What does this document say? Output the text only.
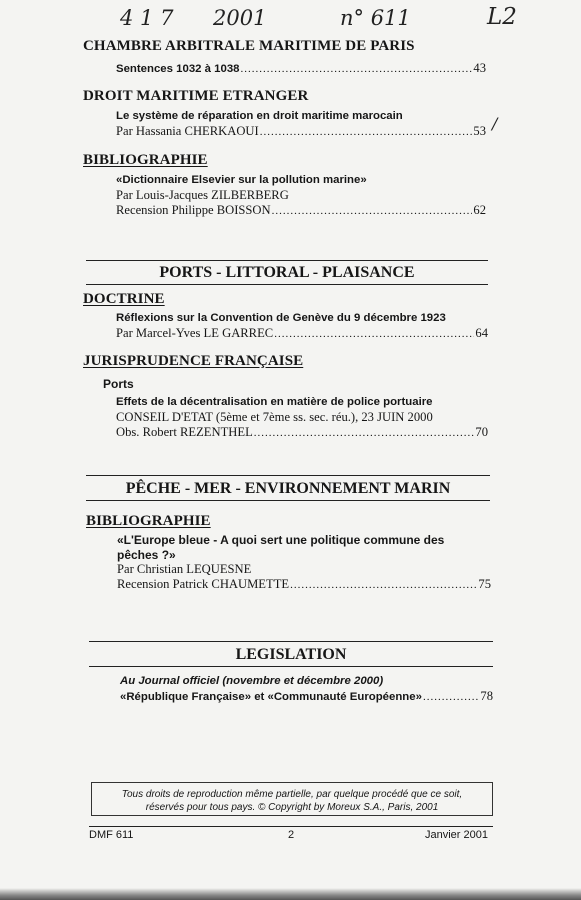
4 1 7 2001	n° 611	L2
/
CHAMBRE ARBITRALE MARITIME DE PARIS
Sentences 1032 à 1038 .....	43
DROIT MARITIME ETRANGER
Le système de réparation en droit maritime marocain
Par Hassania CHERKAOUI .....	53
BIBLIOGRAPHIE
«Dictionnaire Elsevier sur la pollution marine»
Par Louis-Jacques ZILBERBERG
Recension Philippe BOISSON .....	62
PORTS - LITTORAL - PLAISANCE
DOCTRINE
Réflexions sur la Convention de Genève du 9 décembre 1923
Par Marcel-Yves LE GARREC .....	64
JURISPRUDENCE FRANÇAISE
Ports
Effets de la décentralisation en matière de police portuaire
CONSEIL D'ETAT (5ème et 7ème ss. sec. réu.), 23 JUIN 2000
Obs. Robert REZENTHEL .....	70
PÊCHE - MER - ENVIRONNEMENT MARIN
BIBLIOGRAPHIE
«L'Europe bleue - A quoi sert une politique commune des
pêches ?»
Par Christian LEQUESNE
Recension Patrick CHAUMETTE .....	75
LEGISLATION
Au Journal officiel (novembre et décembre 2000)
«République Française» et «Communauté Européenne» .....	78
Tous droits de reproduction même partielle, par quelque procédé que ce soit,
réservés pour tous pays. © Copyright by Moreux S.A., Paris, 2001
DMF 611	2	Janvier 2001
